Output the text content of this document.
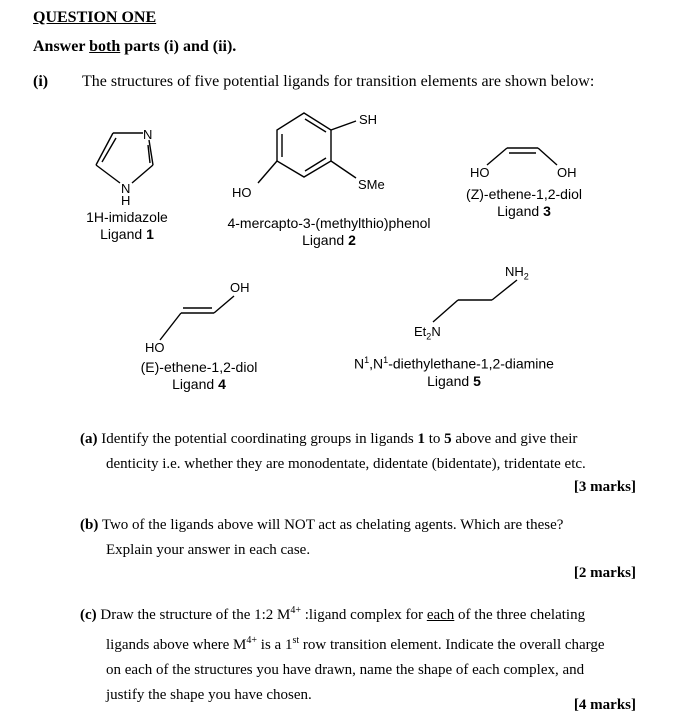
QUESTION ONE
Answer both parts (i) and (ii).
(i) The structures of five potential ligands for transition elements are shown below:
N
N
H
1H-imidazole
Ligand 1
SH
SMe
HO
4-mercapto-3-(methylthio)phenol
Ligand 2
HO	OH
(Z)-ethene-1,2-diol
Ligand 3
OH
HO
(E)-ethene-1,2-diol
Ligand 4
$NH_2$
$Et_2N$
$N^1,N^1-diethylethane-1,2$-diamine
Ligand 5
(a) Identify the potential coordinating groups in ligands 1 to 5 above and give their
denticity i.e. whether they are monodentate, didentate (bidentate), tridentate etc.
[3 marks]
(b) Two of the ligands above will NOT act as chelating agents. Which are these?
Explain your answer in each case.
[2 marks]
(c) Draw the structure of the 1:2 $M^{4+}$ :ligand complex for each of the three chelating
ligands above where $M^{4+}$ is a 1st row transition element. Indicate the overall charge
on each of the structures you have drawn, name the shape of each complex, and
justify the shape you have chosen.
[4 marks]
